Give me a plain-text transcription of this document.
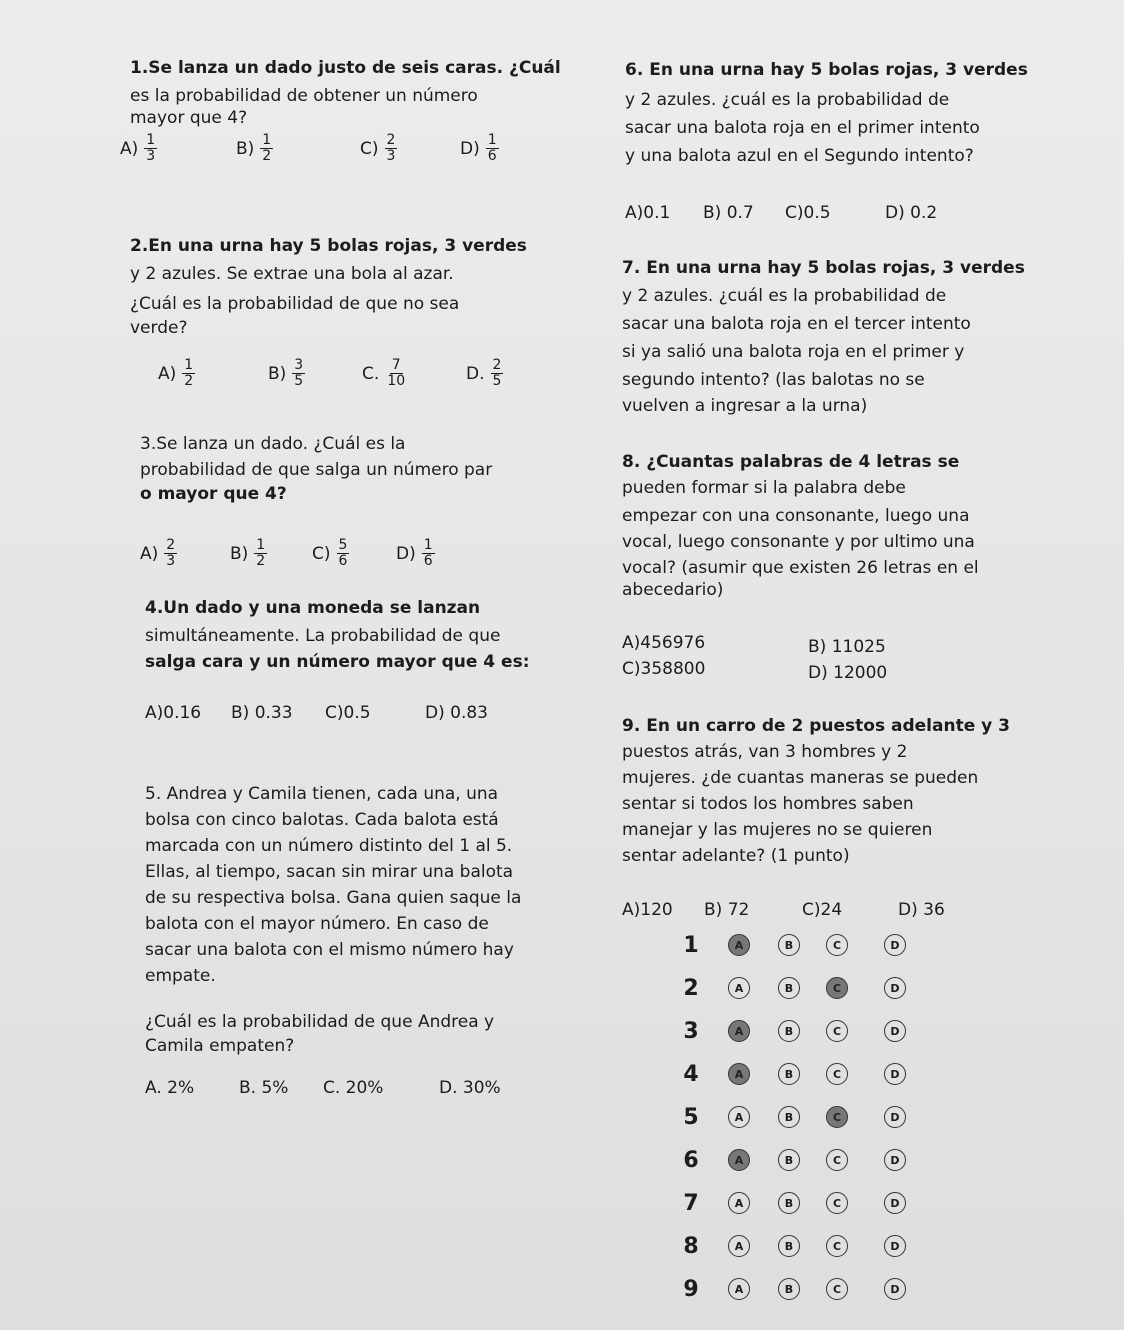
1.Se lanza un dado justo de seis caras. ¿Cuál
es la probabilidad de obtener un número
mayor que 4?
$A) \frac{1}{3}$	$B) \frac{1}{2}$	$C) \frac{2}{3}$	$D) \frac{1}{6}$
2.En una urna hay 5 bolas rojas, 3 verdes
y 2 azules. Se extrae una bola al azar.
¿Cuál es la probabilidad de que no sea
verde?
$A) \frac{1}{2}$	$B) \frac{3}{5}$	C. $\frac{7}{10}$	D. $\frac{2}{5}$
3.Se lanza un dado. ¿Cuál es la
probabilidad de que salga un número par
o mayor que 4?
$A) \frac{2}{3}$	$B) \frac{1}{2}$	$C) \frac{5}{6}$	$D) \frac{1}{6}$
4.Un dado y una moneda se lanzan
simultáneamente. La probabilidad de que
salga cara y un número mayor que 4 es:
A)0.16	B) 0.33	C)0.5	D) 0.83
5. Andrea y Camila tienen, cada una, una
bolsa con cinco balotas. Cada balota está
marcada con un número distinto del 1 al 5.
Ellas, al tiempo, sacan sin mirar una balota
de su respectiva bolsa. Gana quien saque la
balota con el mayor número. En caso de
sacar una balota con el mismo número hay
empate.
¿Cuál es la probabilidad de que Andrea y
Camila empaten?
A. 2%	B. 5%	C. 20%	D. 30%
6. En una urna hay 5 bolas rojas, 3 verdes
y 2 azules. ¿cuál es la probabilidad de
sacar una balota roja en el primer intento
y una balota azul en el Segundo intento?
A)0.1	B) 0.7	C)0.5	D) 0.2
7. En una urna hay 5 bolas rojas, 3 verdes
y 2 azules. ¿cuál es la probabilidad de
sacar una balota roja en el tercer intento
si ya salió una balota roja en el primer y
segundo intento? (las balotas no se
vuelven a ingresar a la urna)
8. ¿Cuantas palabras de 4 letras se
pueden formar si la palabra debe
empezar con una consonante, luego una
vocal, luego consonante y por ultimo una
vocal? (asumir que existen 26 letras en el
abecedario)
A)456976	B) 11025
C)358800	D) 12000
9. En un carro de 2 puestos adelante y 3
puestos atrás, van 3 hombres y 2
mujeres. ¿de cuantas maneras se pueden
sentar si todos los hombres saben
manejar y las mujeres no se quieren
sentar adelante? (1 punto)
A)120	B) 72	C)24	D) 36
1	A	B	C	D
2	A	B	C	D
3	A	B	C	D
4	A	B	C	D
5	A	B	C	D
6	A	B	C	D
7	A	B	C	D
8	A	B	C	D
9	A	B	C	D
